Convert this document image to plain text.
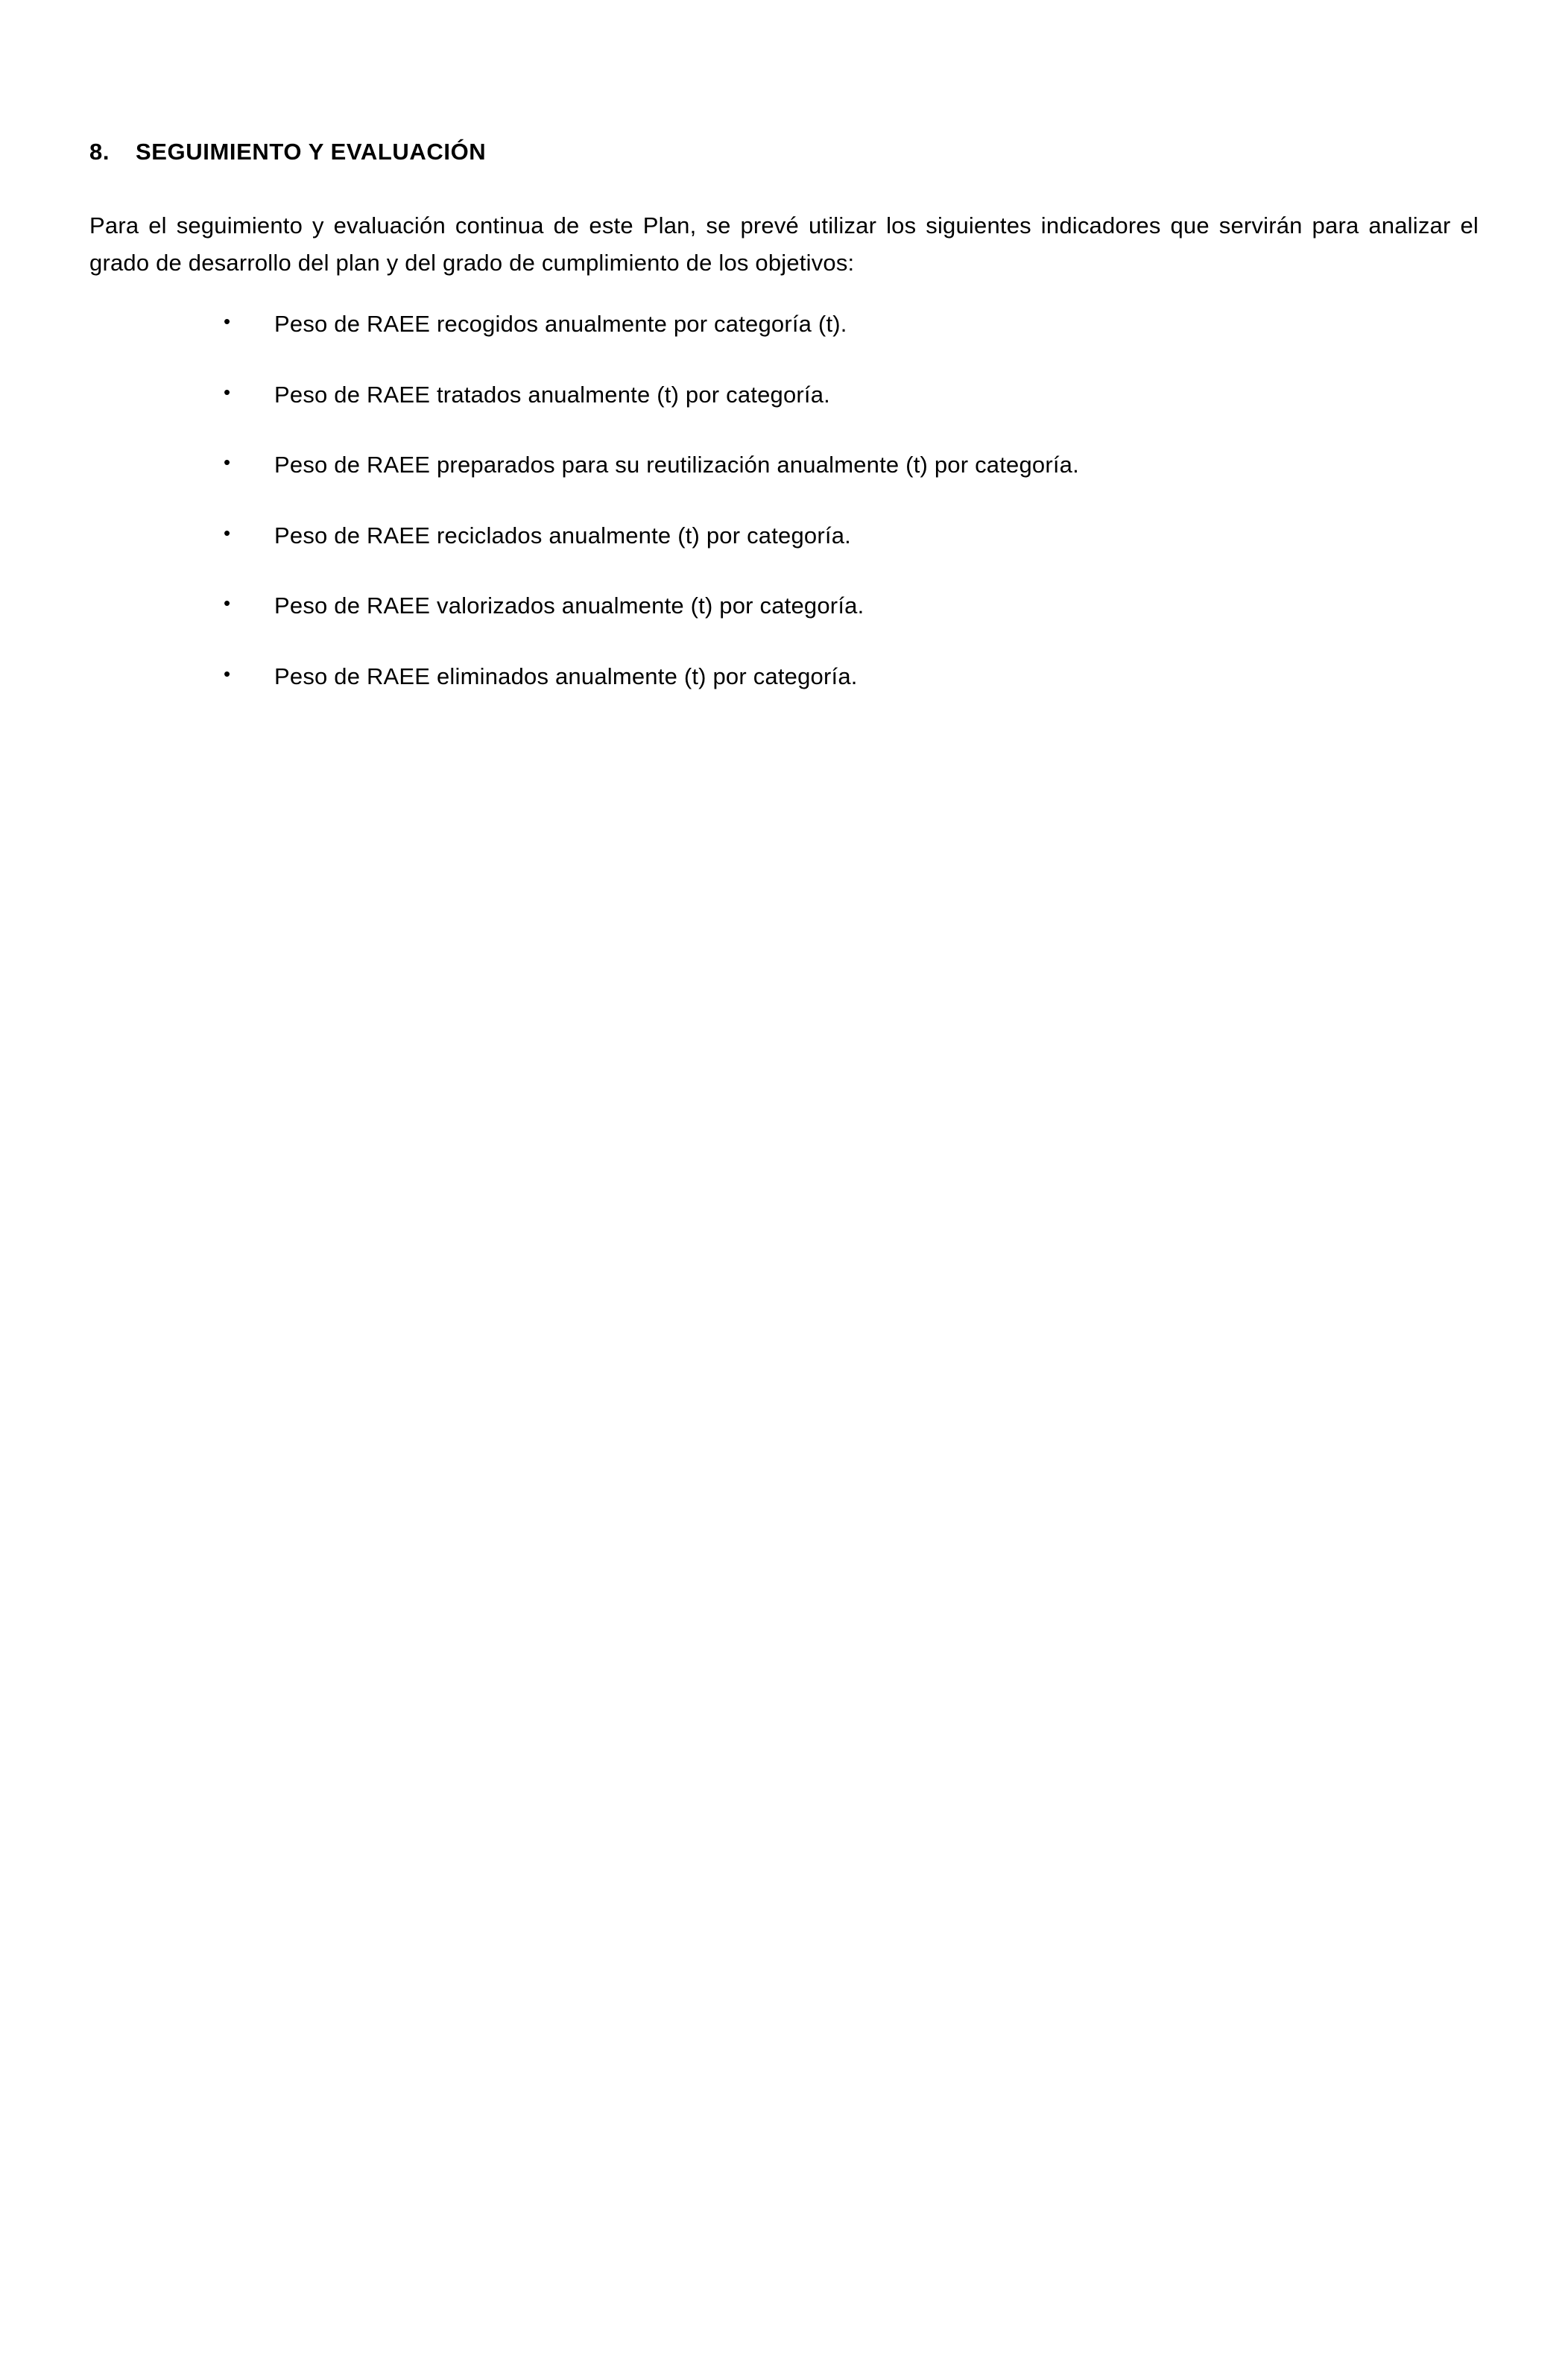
8.	SEGUIMIENTO Y EVALUACIÓN

Para el seguimiento y evaluación continua de este Plan, se prevé utilizar los siguientes indicadores que servirán para analizar el grado de desarrollo del plan y del grado de cumplimiento de los objetivos:

• Peso de RAEE recogidos anualmente por categoría (t).
• Peso de RAEE tratados anualmente (t) por categoría.
• Peso de RAEE preparados para su reutilización anualmente (t) por categoría.
• Peso de RAEE reciclados anualmente (t) por categoría.
• Peso de RAEE valorizados anualmente (t) por categoría.
• Peso de RAEE eliminados anualmente (t) por categoría.
